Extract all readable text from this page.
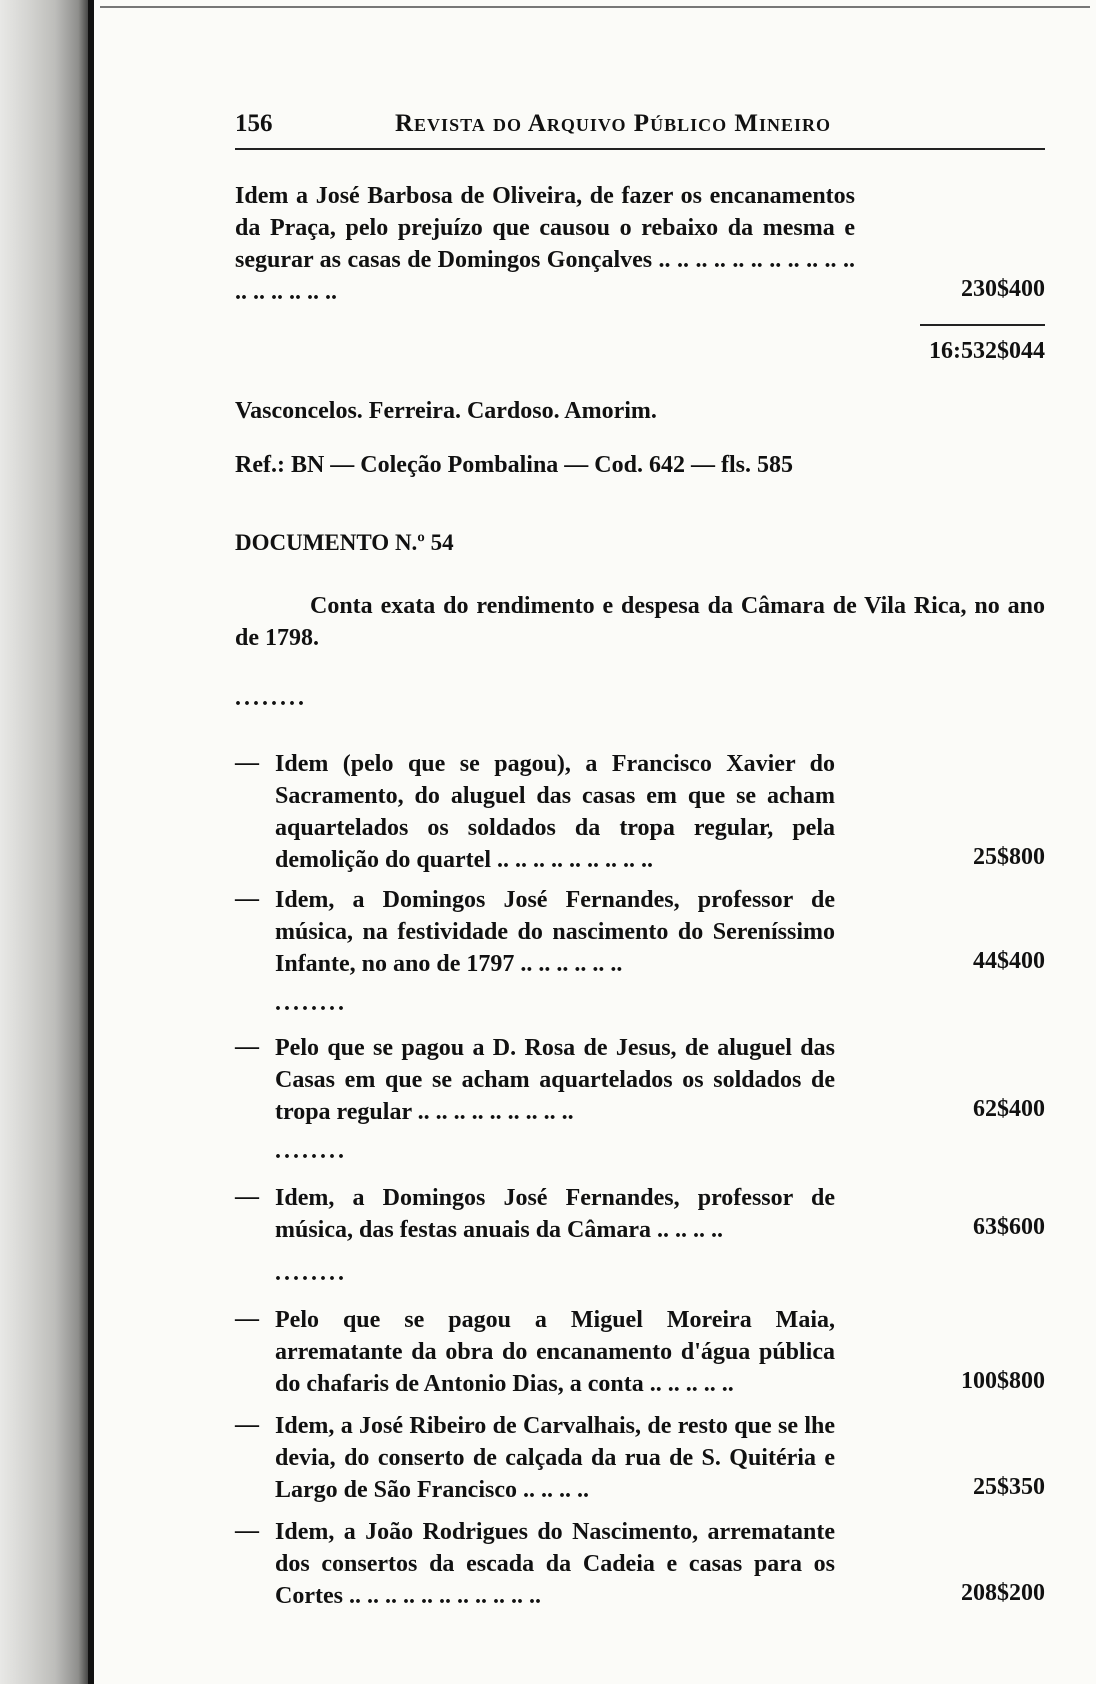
156	Revista do Arquivo Público Mineiro
Idem a José Barbosa de Oliveira, de fazer os encanamentos da Praça, pelo prejuízo que causou o rebaixo da mesma e segurar as casas de Domingos Gonçalves .. .. .. .. .. .. .. .. .. .. .. .. .. .. .. .. ..	230$400
16:532$044
Vasconcelos. Ferreira. Cardoso. Amorim.
Ref.: BN — Coleção Pombalina — Cod. 642 — fls. 585
DOCUMENTO N.º 54
Conta exata do rendimento e despesa da Câmara de Vila Rica, no ano de 1798.
........
— Idem (pelo que se pagou), a Francisco Xavier do Sacramento, do aluguel das casas em que se acham aquartelados os soldados da tropa regular, pela demolição do quartel .. .. .. .. .. .. .. .. ..	25$800
— Idem, a Domingos José Fernandes, professor de música, na festividade do nascimento do Sereníssimo Infante, no ano de 1797 .. .. .. .. .. ..	44$400
........
— Pelo que se pagou a D. Rosa de Jesus, de aluguel das Casas em que se acham aquartelados os soldados de tropa regular .. .. .. .. .. .. .. .. ..	62$400
........
— Idem, a Domingos José Fernandes, professor de música, das festas anuais da Câmara .. .. .. ..	63$600
........
— Pelo que se pagou a Miguel Moreira Maia, arrematante da obra do encanamento d'água pública do chafaris de Antonio Dias, a conta .. .. .. .. ..	100$800
— Idem, a José Ribeiro de Carvalhais, de resto que se lhe devia, do conserto de calçada da rua de S. Quitéria e Largo de São Francisco .. .. .. ..	25$350
— Idem, a João Rodrigues do Nascimento, arrematante dos consertos da escada da Cadeia e casas para os Cortes .. .. .. .. .. .. .. .. .. .. ..	208$200
